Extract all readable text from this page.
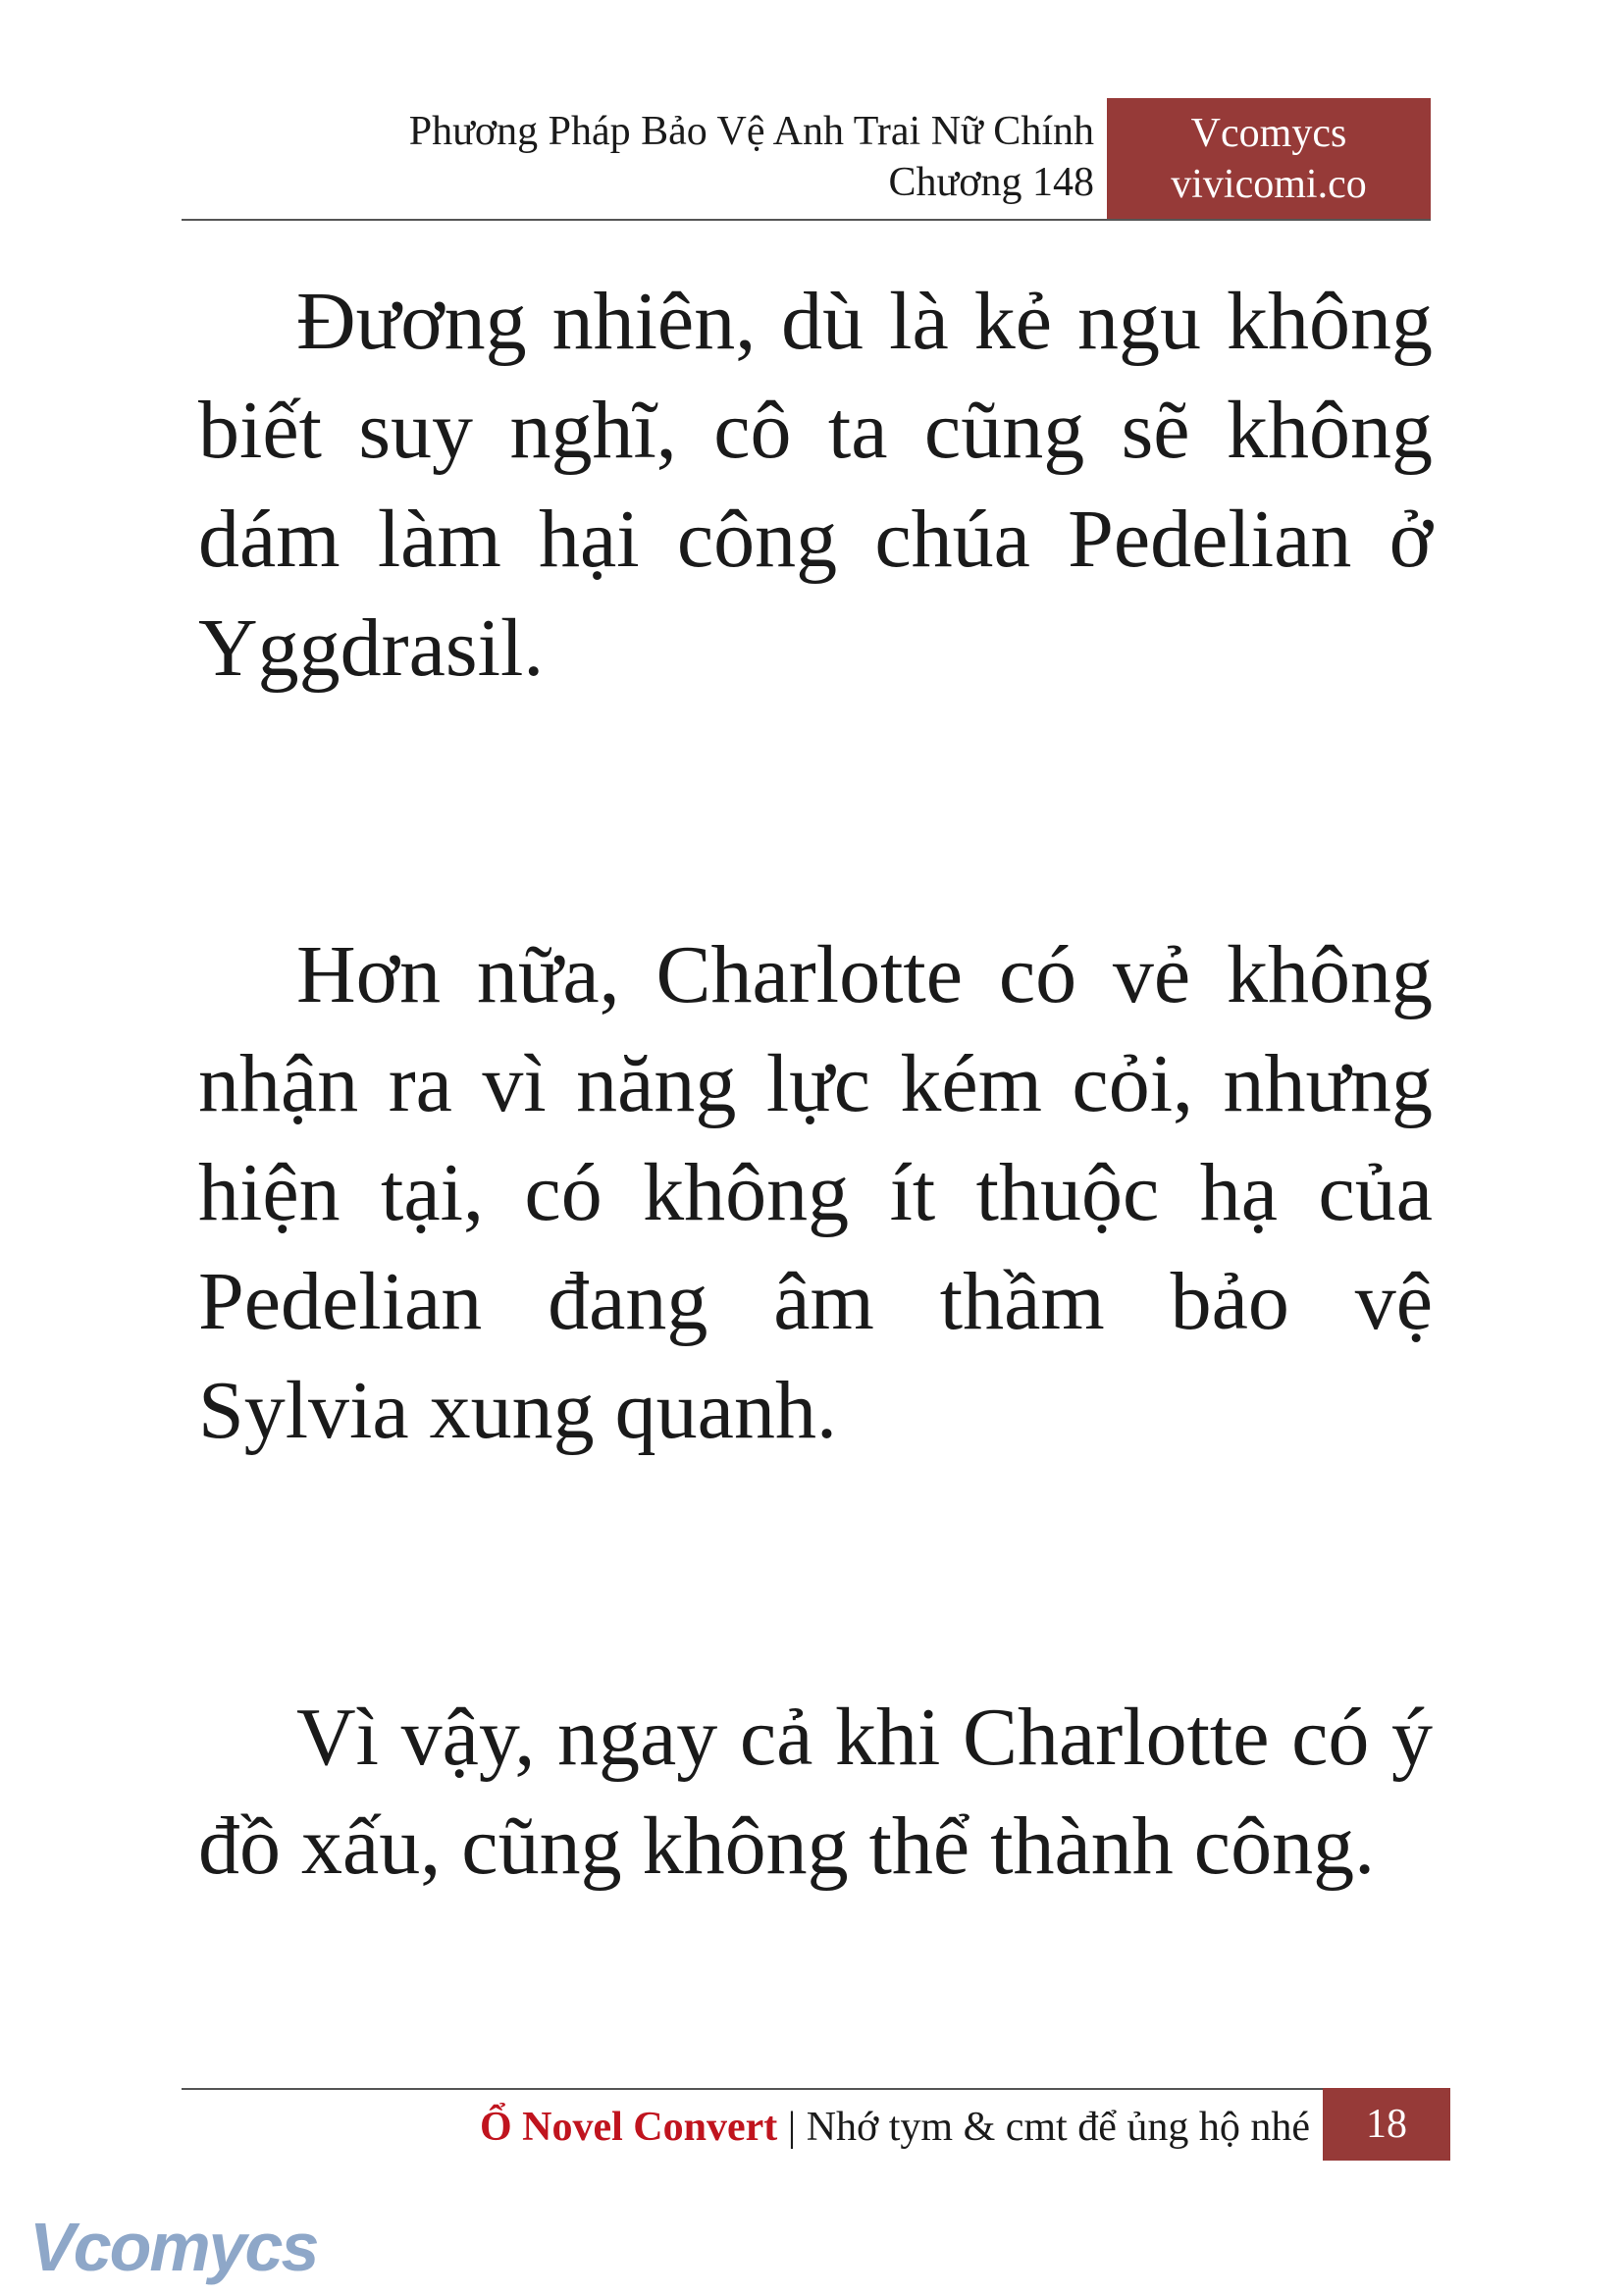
Phương Pháp Bảo Vệ Anh Trai Nữ Chính
Chương 148
Vcomycs
vivicomi.co

Đương nhiên, dù là kẻ ngu không biết suy nghĩ, cô ta cũng sẽ không dám làm hại công chúa Pedelian ở Yggdrasil.

Hơn nữa, Charlotte có vẻ không nhận ra vì năng lực kém cỏi, nhưng hiện tại, có không ít thuộc hạ của Pedelian đang âm thầm bảo vệ Sylvia xung quanh.

Vì vậy, ngay cả khi Charlotte có ý đồ xấu, cũng không thể thành công.

Ổ Novel Convert | Nhớ tym & cmt để ủng hộ nhé	18
Vcomycs
